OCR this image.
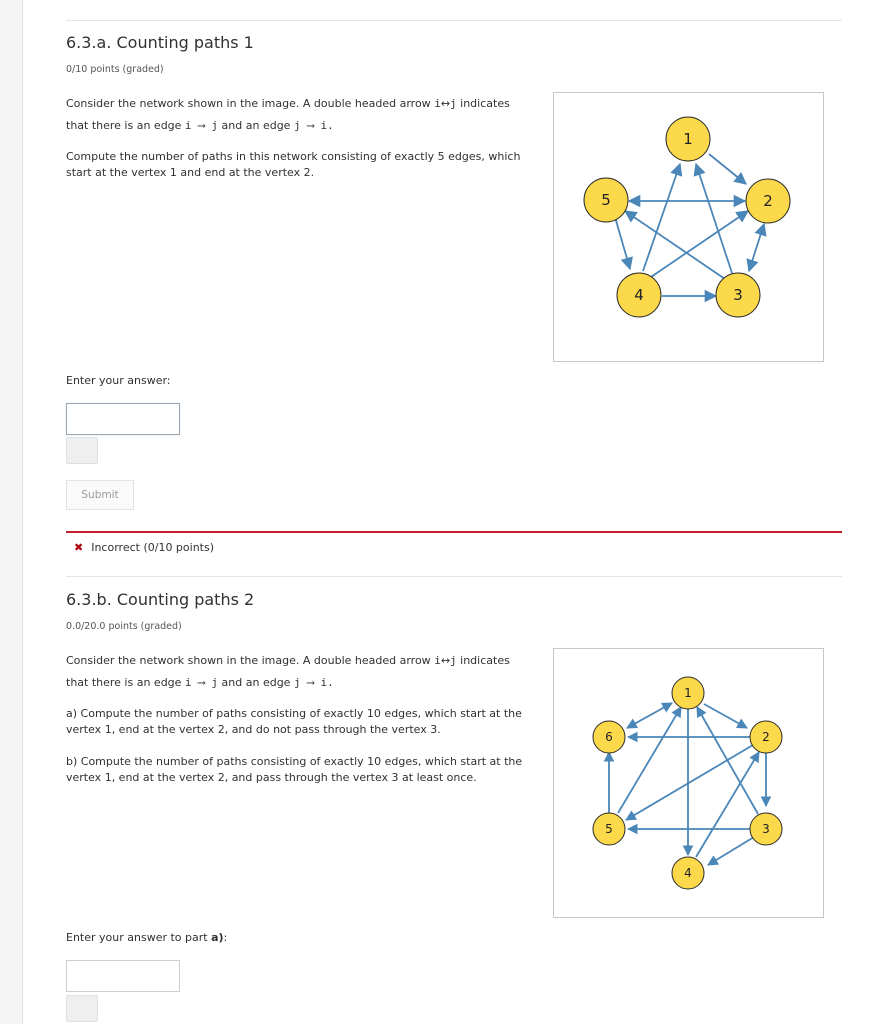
6.3.a. Counting paths 1
0/10 points (graded)

Consider the network shown in the image. A double headed arrow i↔j indicates
that there is an edge i ⟶ j and an edge j ⟶ i.

Compute the number of paths in this network consisting of exactly 5 edges, which start at the vertex 1 and end at the vertex 2.

1
2
3
4
5
Enter your answer:
Submit
✖ Incorrect (0/10 points)
6.3.b. Counting paths 2
0.0/20.0 points (graded)

Consider the network shown in the image. A double headed arrow i↔j indicates
that there is an edge i ⟶ j and an edge j ⟶ i.

a) Compute the number of paths consisting of exactly 10 edges, which start at the vertex 1, end at the vertex 2, and do not pass through the vertex 3.

b) Compute the number of paths consisting of exactly 10 edges, which start at the vertex 1, end at the vertex 2, and pass through the vertex 3 at least once.

1
2
3
4
5
6
Enter your answer to part a):
